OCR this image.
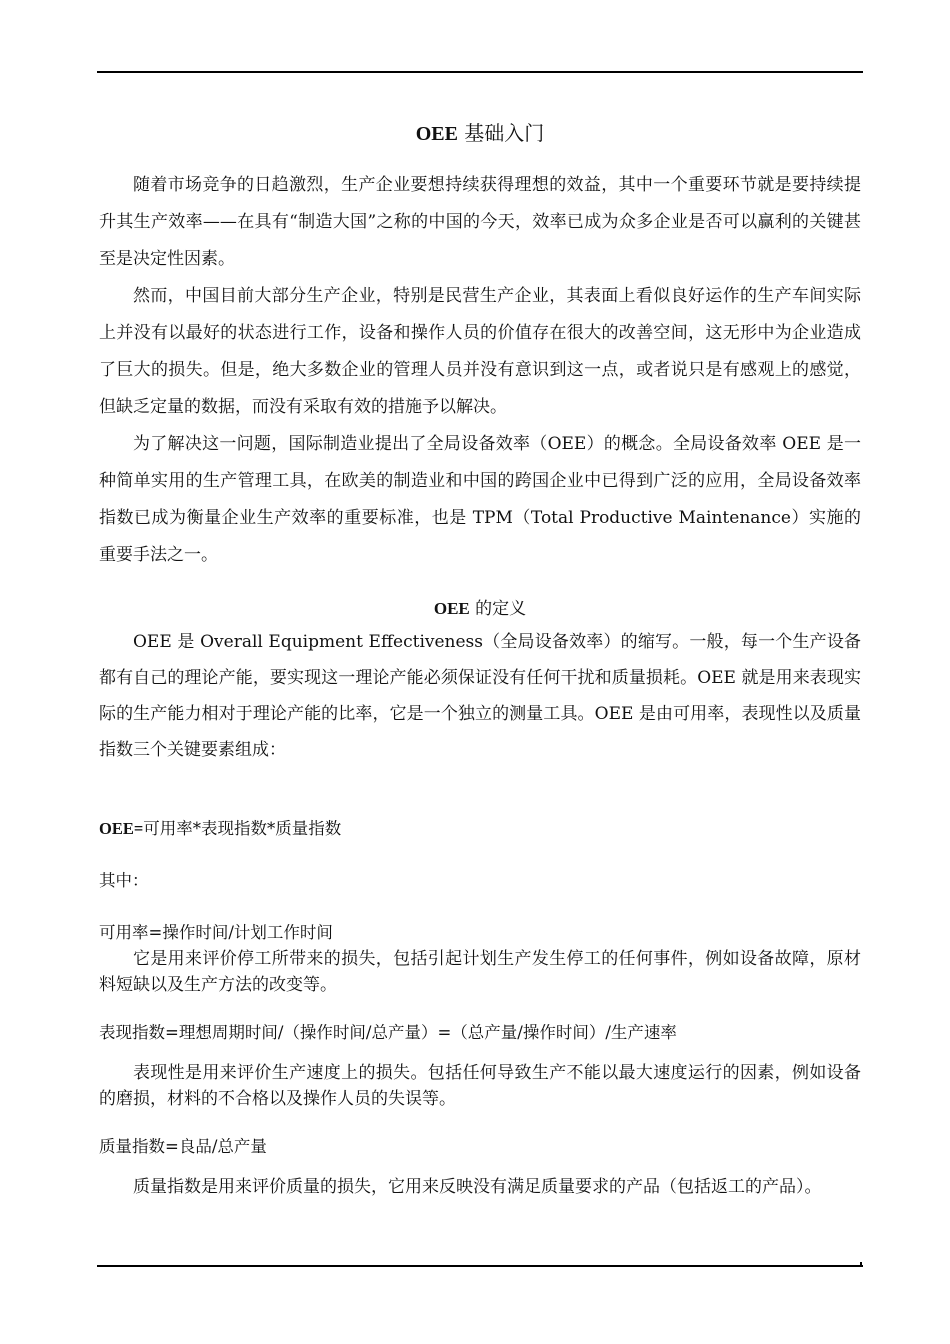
OEE 基础入门

随着市场竞争的日趋激烈，生产企业要想持续获得理想的效益，其中一个重要环节就是要持续提升其生产效率——在具有“制造大国”之称的中国的今天，效率已成为众多企业是否可以赢利的关键甚至是决定性因素。

然而，中国目前大部分生产企业，特别是民营生产企业，其表面上看似良好运作的生产车间实际上并没有以最好的状态进行工作，设备和操作人员的价值存在很大的改善空间，这无形中为企业造成了巨大的损失。但是，绝大多数企业的管理人员并没有意识到这一点，或者说只是有感观上的感觉，但缺乏定量的数据，而没有采取有效的措施予以解决。

为了解决这一问题，国际制造业提出了全局设备效率（OEE）的概念。全局设备效率 OEE 是一种简单实用的生产管理工具，在欧美的制造业和中国的跨国企业中已得到广泛的应用，全局设备效率指数已成为衡量企业生产效率的重要标准，也是 TPM（Total Productive Maintenance）实施的重要手法之一。

OEE 的定义

OEE 是 Overall Equipment Effectiveness（全局设备效率）的缩写。一般，每一个生产设备都有自己的理论产能，要实现这一理论产能必须保证没有任何干扰和质量损耗。OEE 就是用来表现实际的生产能力相对于理论产能的比率，它是一个独立的测量工具。OEE 是由可用率，表现性以及质量指数三个关键要素组成：

OEE=可用率*表现指数*质量指数

其中：

可用率=操作时间/计划工作时间

它是用来评价停工所带来的损失，包括引起计划生产发生停工的任何事件，例如设备故障，原材料短缺以及生产方法的改变等。

表现指数=理想周期时间/（操作时间/总产量）=（总产量/操作时间）/生产速率

表现性是用来评价生产速度上的损失。包括任何导致生产不能以最大速度运行的因素，例如设备的磨损，材料的不合格以及操作人员的失误等。

质量指数=良品/总产量

质量指数是用来评价质量的损失，它用来反映没有满足质量要求的产品（包括返工的产品）。
